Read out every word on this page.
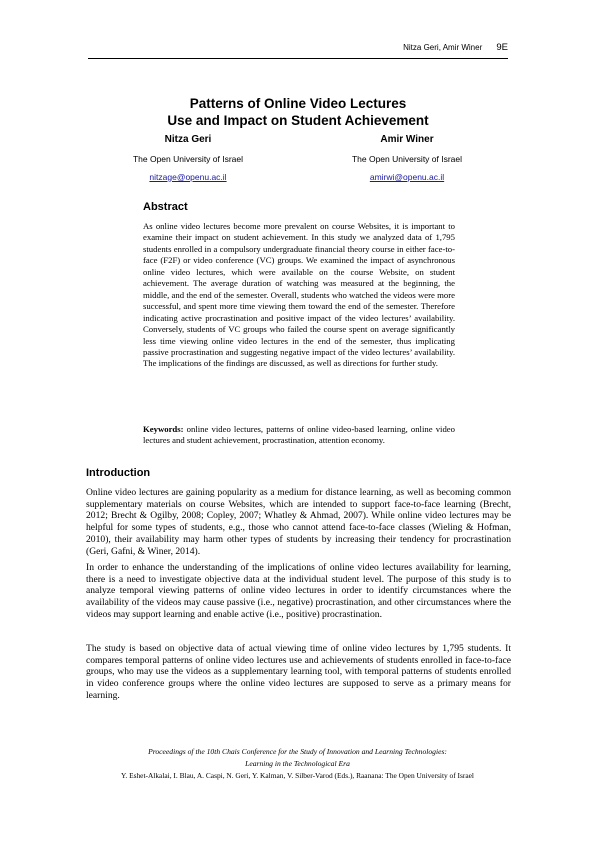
Nitza Geri, Amir Winer 9E
Patterns of Online Video Lectures
Use and Impact on Student Achievement
Nitza Geri
The Open University of Israel
nitzage@openu.ac.il
Amir Winer
The Open University of Israel
amirwi@openu.ac.il
Abstract
As online video lectures become more prevalent on course Websites, it is important to examine their impact on student achievement. In this study we analyzed data of 1,795 students enrolled in a compulsory undergraduate financial theory course in either face-to-face (F2F) or video conference (VC) groups. We examined the impact of asynchronous online video lectures, which were available on the course Website, on student achievement. The average duration of watching was measured at the beginning, the middle, and the end of the semester. Overall, students who watched the videos were more successful, and spent more time viewing them toward the end of the semester. Therefore indicating active procrastination and positive impact of the video lectures’ availability. Conversely, students of VC groups who failed the course spent on average significantly less time viewing online video lectures in the end of the semester, thus implicating passive procrastination and suggesting negative impact of the video lectures’ availability. The implications of the findings are discussed, as well as directions for further study.
Keywords: online video lectures, patterns of online video-based learning, online video lectures and student achievement, procrastination, attention economy.
Introduction
Online video lectures are gaining popularity as a medium for distance learning, as well as becoming common supplementary materials on course Websites, which are intended to support face-to-face learning (Brecht, 2012; Brecht & Ogilby, 2008; Copley, 2007; Whatley & Ahmad, 2007). While online video lectures may be helpful for some types of students, e.g., those who cannot attend face-to-face classes (Wieling & Hofman, 2010), their availability may harm other types of students by increasing their tendency for procrastination (Geri, Gafni, & Winer, 2014).
In order to enhance the understanding of the implications of online video lectures availability for learning, there is a need to investigate objective data at the individual student level. The purpose of this study is to analyze temporal viewing patterns of online video lectures in order to identify circumstances where the availability of the videos may cause passive (i.e., negative) procrastination, and other circumstances where the videos may support learning and enable active (i.e., positive) procrastination.
The study is based on objective data of actual viewing time of online video lectures by 1,795 students. It compares temporal patterns of online video lectures use and achievements of students enrolled in face-to-face groups, who may use the videos as a supplementary learning tool, with temporal patterns of students enrolled in video conference groups where the online video lectures are supposed to serve as a primary means for learning.
Proceedings of the 10th Chais Conference for the Study of Innovation and Learning Technologies:
Learning in the Technological Era
Y. Eshet-Alkalai, I. Blau, A. Caspi, N. Geri, Y. Kalman, V. Silber-Varod (Eds.), Raanana: The Open University of Israel
